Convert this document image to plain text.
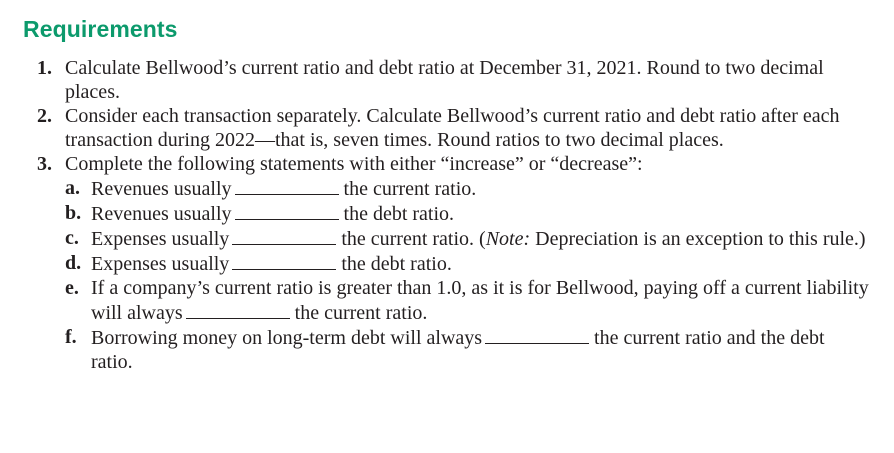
Requirements
1. Calculate Bellwood’s current ratio and debt ratio at December 31, 2021. Round to two decimal places.
2. Consider each transaction separately. Calculate Bellwood’s current ratio and debt ratio after each transaction during 2022—that is, seven times. Round ratios to two decimal places.
3. Complete the following statements with either “increase” or “decrease”:
a. Revenues usually	the current ratio.
b. Revenues usually	the debt ratio.
c. Expenses usually	the current ratio. (Note: Depreciation is an exception to this rule.)
d. Expenses usually	the debt ratio.
e. If a company’s current ratio is greater than 1.0, as it is for Bellwood, paying off a current liability will always	the current ratio.
f. Borrowing money on long-term debt will always	the current ratio and the debt ratio.
